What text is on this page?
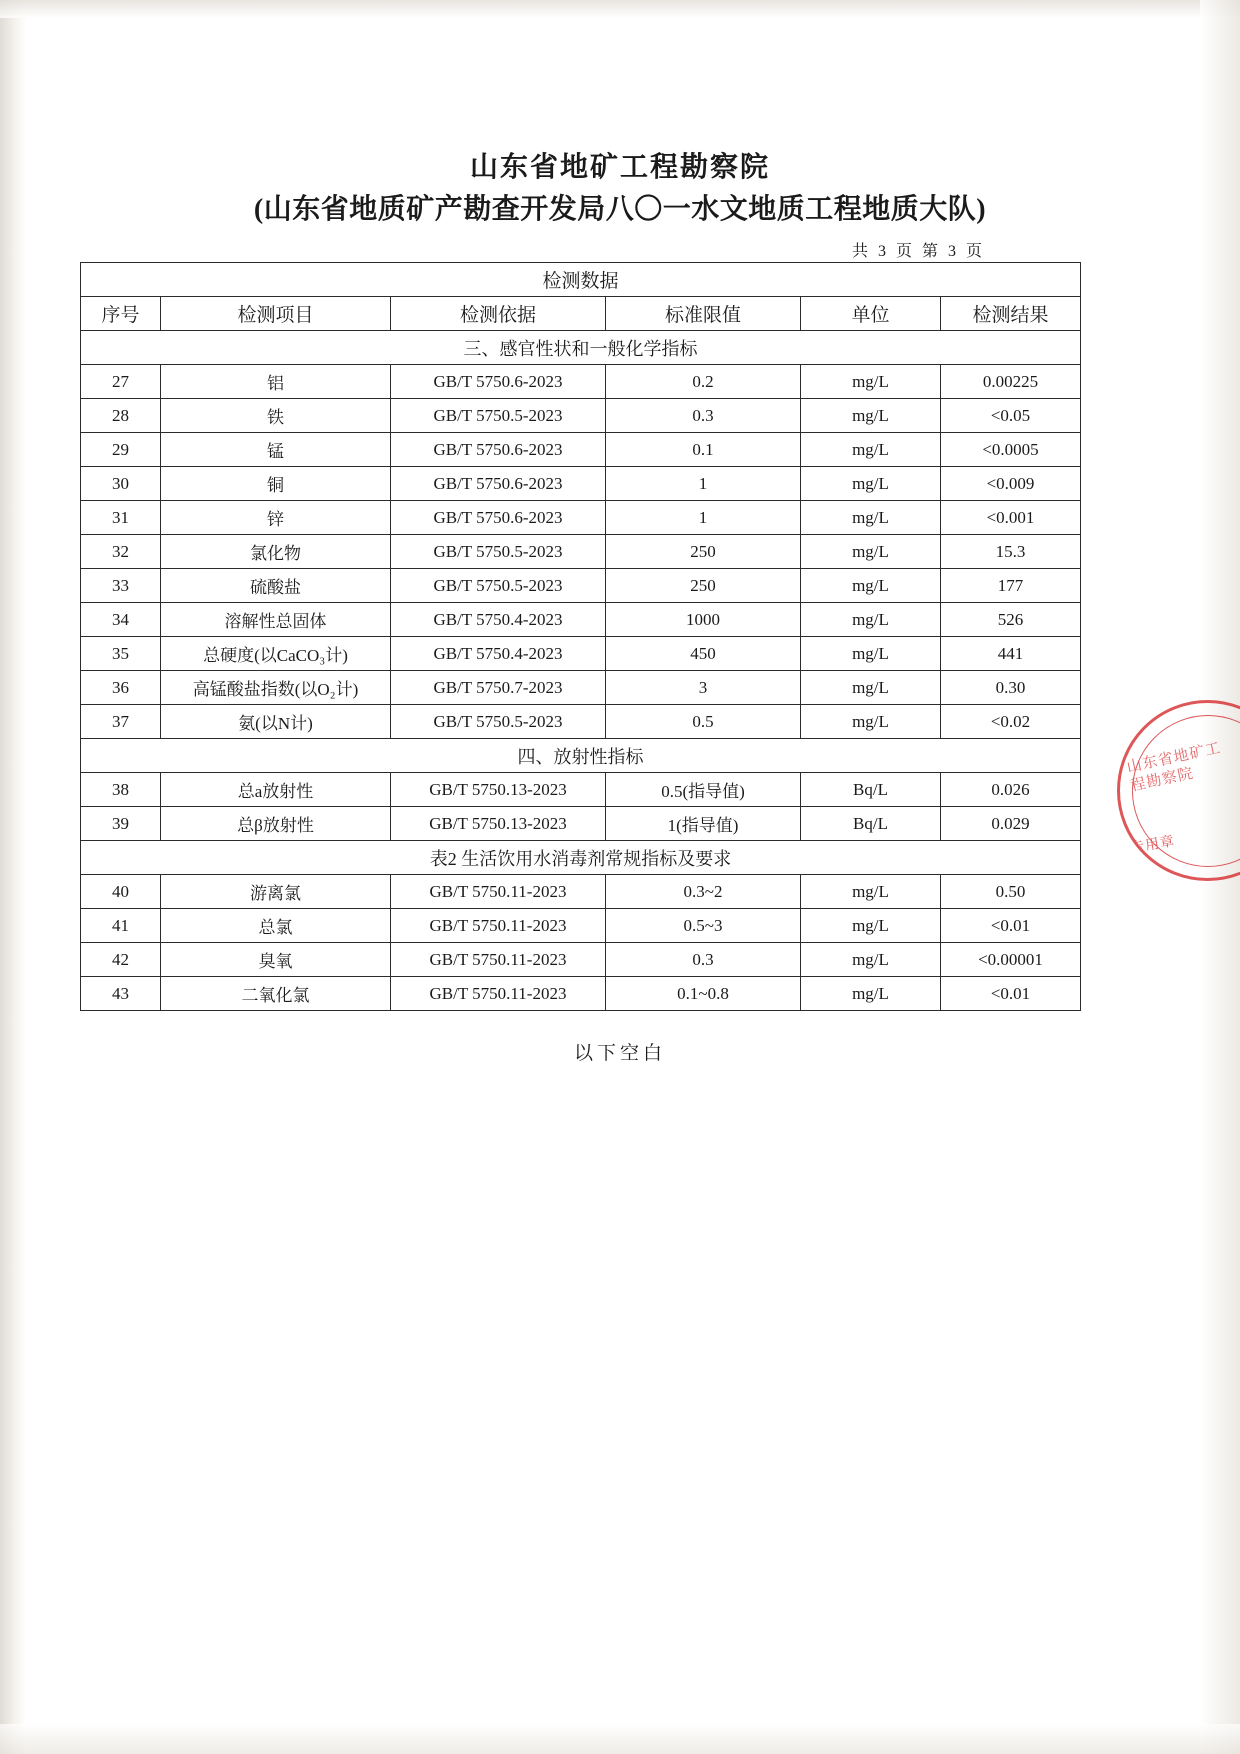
山东省地矿工程勘察院
(山东省地质矿产勘查开发局八〇一水文地质工程地质大队)
共 3 页 第 3 页
检测数据					
序号	检测项目	检测依据	标准限值	单位	检测结果
三、感官性状和一般化学指标					
27	铝	GB/T 5750.6-2023	0.2	mg/L	0.00225
28	铁	GB/T 5750.5-2023	0.3	mg/L	<0.05
29	锰	GB/T 5750.6-2023	0.1	mg/L	<0.0005
30	铜	GB/T 5750.6-2023	1	mg/L	<0.009
31	锌	GB/T 5750.6-2023	1	mg/L	<0.001
32	氯化物	GB/T 5750.5-2023	250	mg/L	15.3
33	硫酸盐	GB/T 5750.5-2023	250	mg/L	177
34	溶解性总固体	GB/T 5750.4-2023	1000	mg/L	526
35	总硬度(以CaCO₃计)	GB/T 5750.4-2023	450	mg/L	441
36	高锰酸盐指数(以O₂计)	GB/T 5750.7-2023	3	mg/L	0.30
37	氨(以N计)	GB/T 5750.5-2023	0.5	mg/L	<0.02
四、放射性指标					
38	总a放射性	GB/T 5750.13-2023	0.5(指导值)	Bq/L	0.026
39	总β放射性	GB/T 5750.13-2023	1(指导值)	Bq/L	0.029
表2 生活饮用水消毒剂常规指标及要求					
40	游离氯	GB/T 5750.11-2023	0.3~2	mg/L	0.50
41	总氯	GB/T 5750.11-2023	0.5~3	mg/L	<0.01
42	臭氧	GB/T 5750.11-2023	0.3	mg/L	<0.00001
43	二氧化氯	GB/T 5750.11-2023	0.1~0.8	mg/L	<0.01
以下空白
山东省地矿工程勘察院
专用章
